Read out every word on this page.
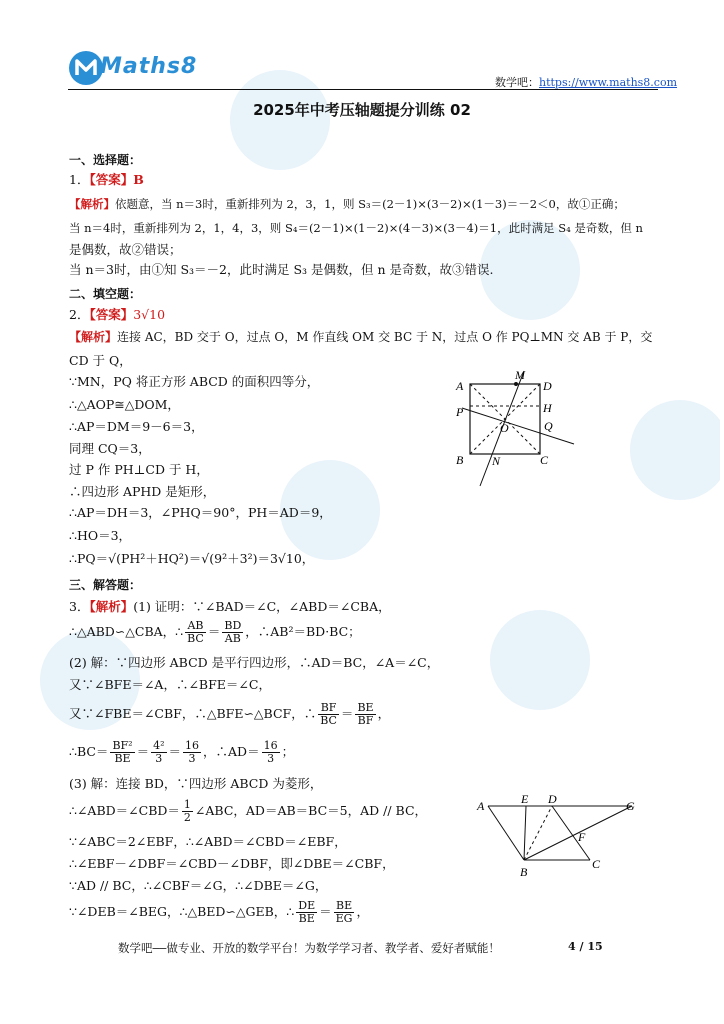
Maths8
数学吧：https://www.maths8.com
2025年中考压轴题提分训练 02
一、选择题：
1．【答案】B
【解析】依题意，当 n＝3时，重新排列为 2，3，1，则 S₃＝(2－1)×(3－2)×(1－3)＝－2＜0，故①正确；
当 n＝4时，重新排列为 2，1，4，3，则 S₄＝(2－1)×(1－2)×(4－3)×(3－4)＝1，此时满足 S₄ 是奇数，但 n
是偶数，故②错误；
当 n＝3时，由①知 S₃＝－2，此时满足 S₃ 是偶数，但 n 是奇数，故③错误.
二、填空题：
2．【答案】3√10
【解析】连接 AC，BD 交于 O，过点 O，M 作直线 OM 交 BC 于 N，过点 O 作 PQ⊥MN 交 AB 于 P，交
CD 于 Q，
∵MN，PQ 将正方形 ABCD 的面积四等分，
∴△AOP≅△DOM，
∴AP＝DM＝9－6＝3，
同理 CQ＝3，
过 P 作 PH⊥CD 于 H，
∴四边形 APHD 是矩形，
∴AP＝DH＝3，∠PHQ＝90°，PH＝AD＝9，
∴HO＝3，
∴PQ＝√(PH²＋HQ²)＝√(9²＋3²)＝3√10，
A
M
D
P	H
O	Q
B N	C
三、解答题：
3．【解析】(1) 证明：∵∠BAD＝∠C，∠ABD＝∠CBA，
∴△ABD∽△CBA，∴ $\frac{AB}{BC} = \frac{BD}{AB}$ ，∴AB²＝BD·BC；
(2) 解：∵四边形 ABCD 是平行四边形，∴AD＝BC，∠A＝∠C，
又∵∠BFE＝∠A，∴∠BFE＝∠C，
又∵∠FBE＝∠CBF，∴△BFE∽△BCF，∴ $\frac{BF}{BC} = \frac{BE}{BF}$ ，
∴BC＝ $\frac{\text{BF²}}{BE} = \frac{\text{4²}}{3} = \frac{16}{3}$ ，∴AD＝ $\frac{16}{3}$ ；
(3) 解：连接 BD，∵四边形 ABCD 为菱形，
∴∠ABD＝∠CBD＝ $\frac{1}{2}$ ∠ABC，AD＝AB＝BC＝5，AD // BC，
∵∠ABC＝2∠EBF，∴∠ABD＝∠CBD＝∠EBF，
∴∠EBF－∠DBF＝∠CBD－∠DBF，即∠DBE＝∠CBF，
∵AD // BC，∴∠CBF＝∠G，∴∠DBE＝∠G，
∵∠DEB＝∠BEG，∴△BED∽△GEB，∴ $\frac{DE}{BE} = \frac{BE}{EG}$ ，
A	E D	G
F
B
C
数学吧——做专业、开放的数学平台！为数学学习者、教学者、爱好者赋能！	4 / 15
